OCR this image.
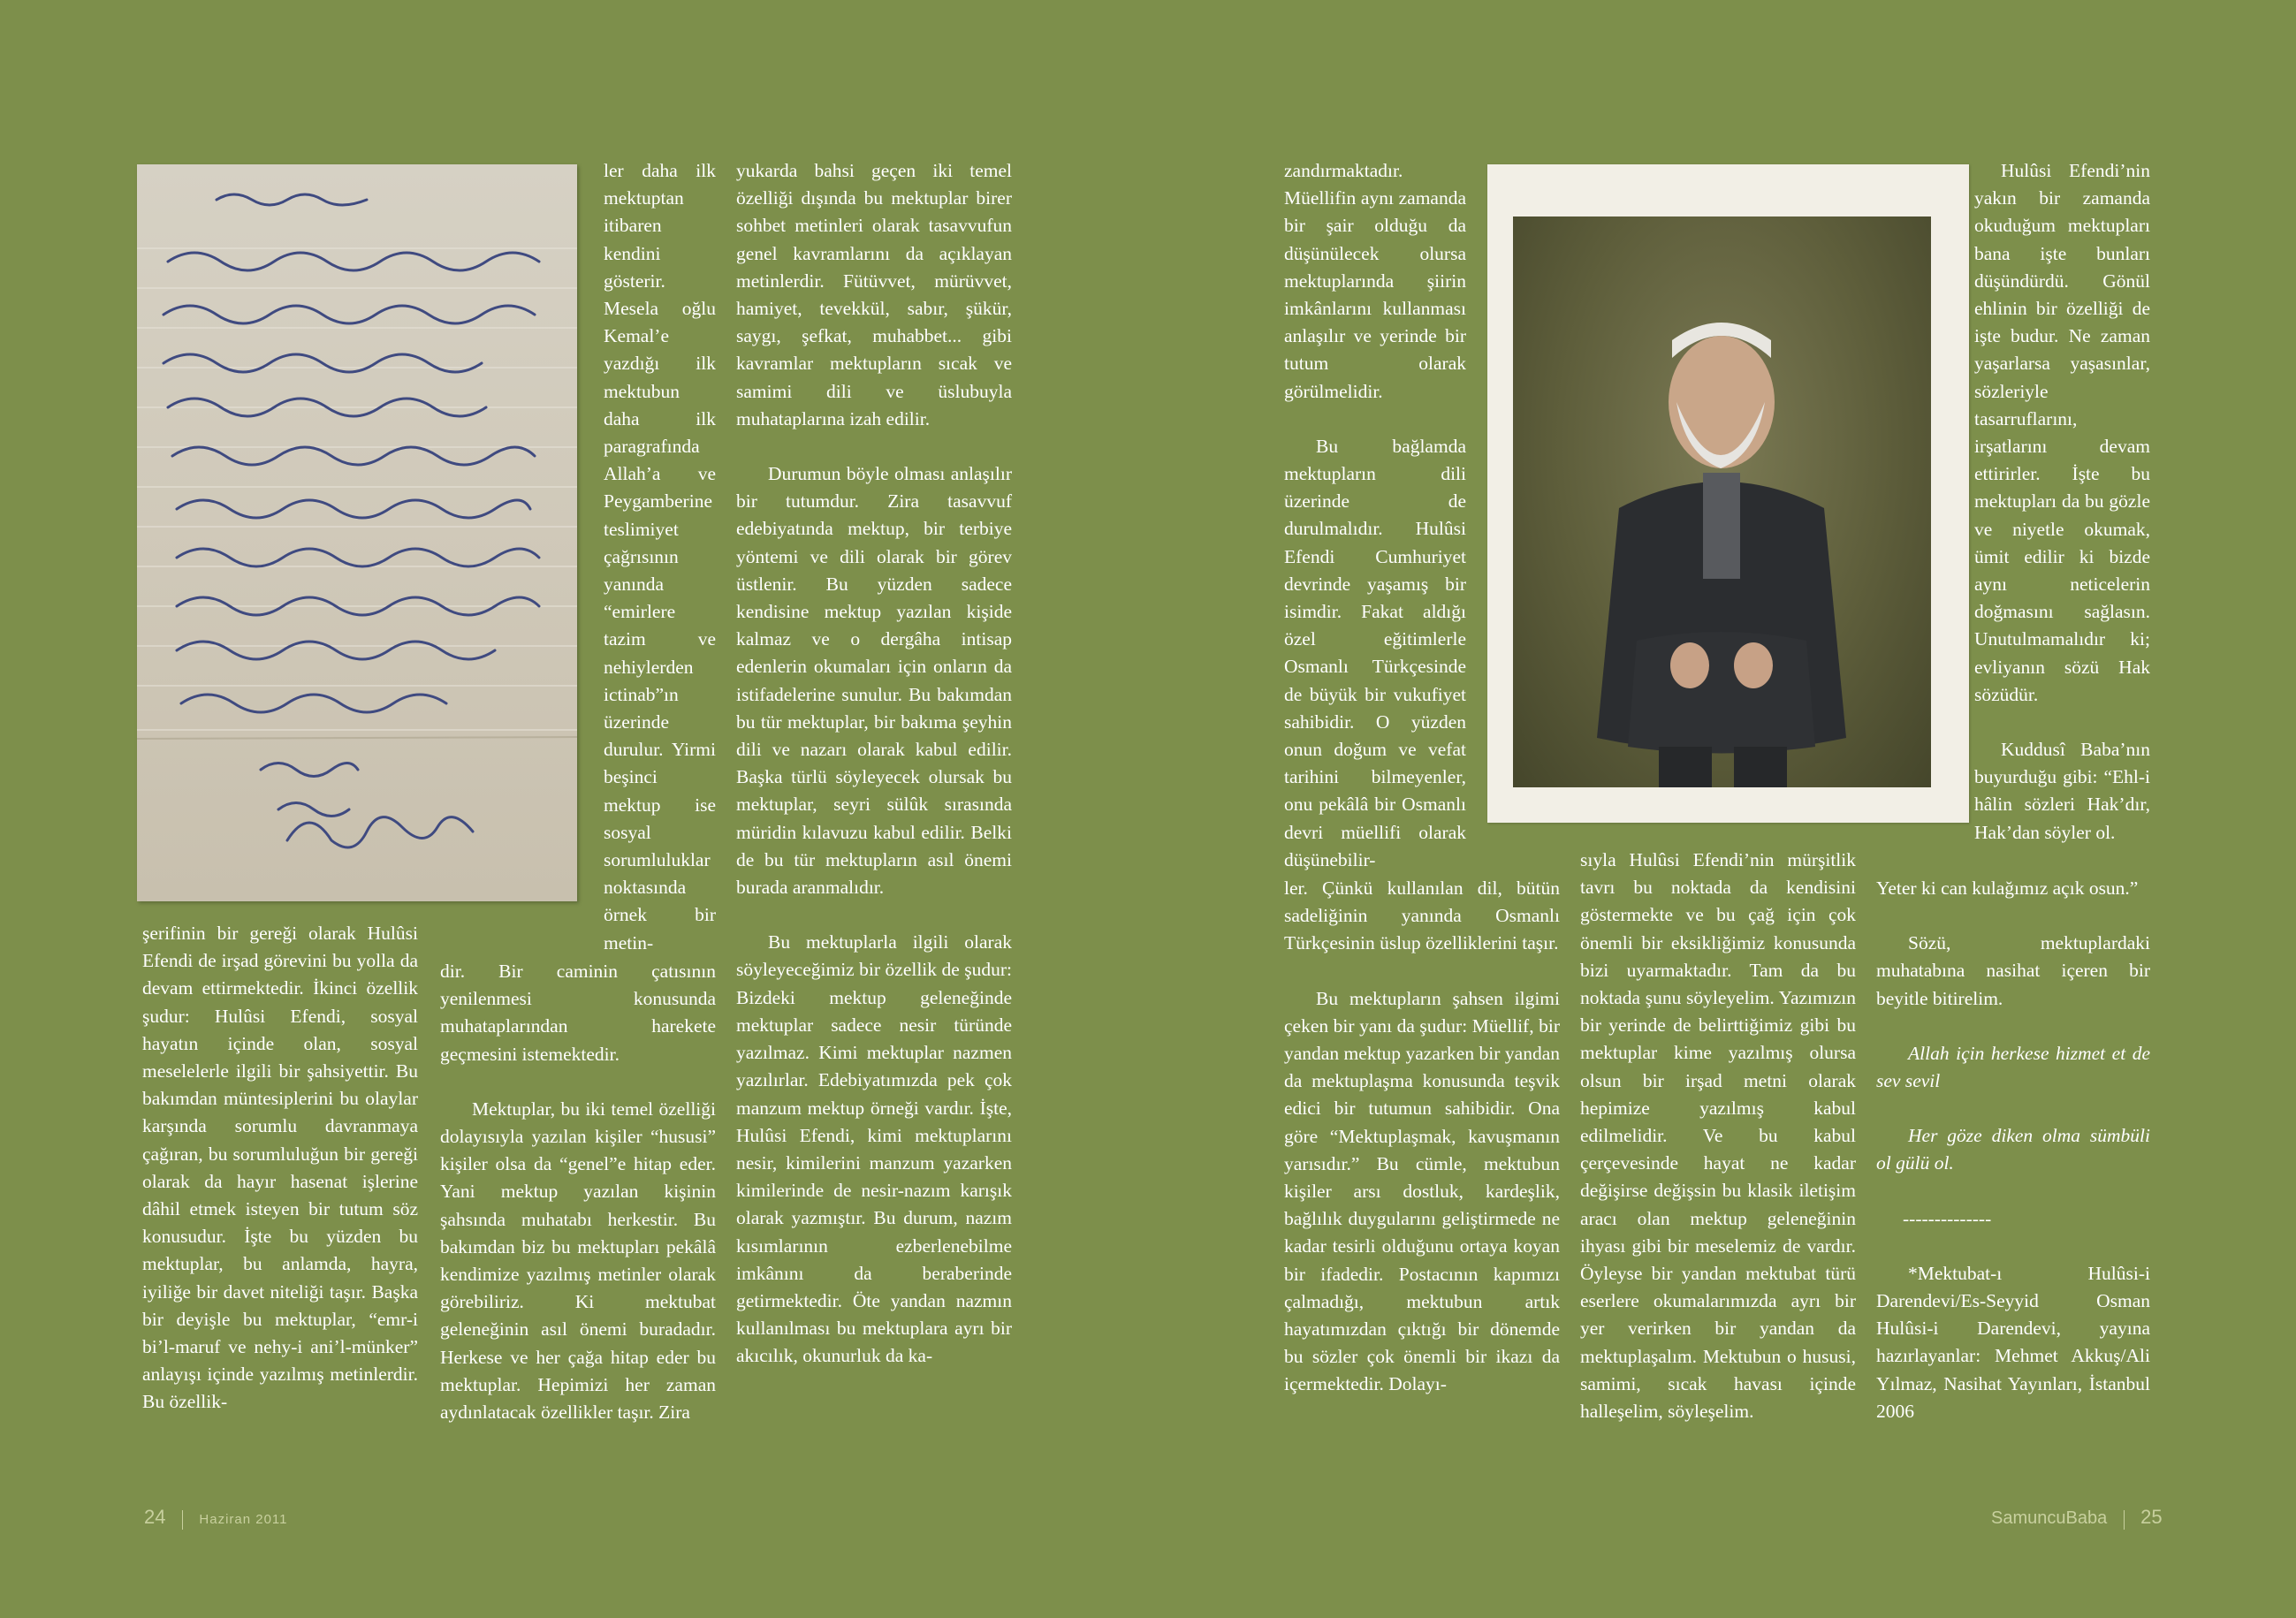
şerifinin bir gereği olarak Hulûsi Efendi de irşad görevini bu yolla da devam ettirmektedir. İkinci özellik şudur: Hulûsi Efendi, sosyal hayatın içinde olan, sosyal meselelerle ilgili bir şahsiyettir. Bu bakımdan müntesiplerini bu olaylar karşında sorumlu davranmaya çağıran, bu sorumluluğun bir gereği olarak da hayır hasenat işlerine dâhil etmek isteyen bir tutum söz konusudur. İşte bu yüzden bu mektuplar, bu anlamda, hayra, iyiliğe bir davet niteliği taşır. Başka bir deyişle bu mektuplar, “emr-i bi’l-maruf ve nehy-i ani’l-münker” anlayışı içinde yazılmış metinlerdir. Bu özellik-

ler daha ilk mektuptan itibaren kendini gösterir. Mesela oğlu Kemal’e yazdığı ilk mektubun daha ilk paragrafında Allah’a ve Peygamberine teslimiyet çağrısının yanında “emirlere tazim ve nehiylerden ictinab”ın üzerinde durulur. Yirmi beşinci mektup ise sosyal sorumluluklar noktasında örnek bir metin-

dir. Bir caminin çatısının yenilenmesi konusunda muhataplarından harekete geçmesini istemektedir.

Mektuplar, bu iki temel özelliği dolayısıyla yazılan kişiler “hususi” kişiler olsa da “genel”e hitap eder. Yani mektup yazılan kişinin şahsında muhatabı herkestir. Bu bakımdan biz bu mektupları pekâlâ kendimize yazılmış metinler olarak görebiliriz. Ki mektubat geleneğinin asıl önemi buradadır. Herkese ve her çağa hitap eder bu mektuplar. Hepimizi her zaman aydınlatacak özellikler taşır. Zira

yukarda bahsi geçen iki temel özelliği dışında bu mektuplar birer sohbet metinleri olarak tasavvufun genel kavramlarını da açıklayan metinlerdir. Fütüvvet, mürüvvet, hamiyet, tevekkül, sabır, şükür, saygı, şefkat, muhabbet... gibi kavramlar mektupların sıcak ve samimi dili ve üslubuyla muhataplarına izah edilir.

Durumun böyle olması anlaşılır bir tutumdur. Zira tasavvuf edebiyatında mektup, bir terbiye yöntemi ve dili olarak bir görev üstlenir. Bu yüzden sadece kendisine mektup yazılan kişide kalmaz ve o dergâha intisap edenlerin okumaları için onların da istifadelerine sunulur. Bu bakımdan bu tür mektuplar, bir bakıma şeyhin dili ve nazarı olarak kabul edilir. Başka türlü söyleyecek olursak bu mektuplar, seyri sülûk sırasında müridin kılavuzu kabul edilir. Belki de bu tür mektupların asıl önemi burada aranmalıdır.

Bu mektuplarla ilgili olarak söyleyeceğimiz bir özellik de şudur: Bizdeki mektup geleneğinde mektuplar sadece nesir türünde yazılmaz. Kimi mektuplar nazmen yazılırlar. Edebiyatımızda pek çok manzum mektup örneği vardır. İşte, Hulûsi Efendi, kimi mektuplarını nesir, kimilerini manzum yazarken kimilerinde de nesir-nazım karışık olarak yazmıştır. Bu durum, nazım kısımlarının ezberlenebilme imkânını da beraberinde getirmektedir. Öte yandan nazmın kullanılması bu mektuplara ayrı bir akıcılık, okunurluk da ka-

zandırmaktadır. Müellifin aynı zamanda bir şair olduğu da düşünülecek olursa mektuplarında şiirin imkânlarını kullanması anlaşılır ve yerinde bir tutum olarak görülmelidir.

Bu bağlamda mektupların dili üzerinde de durulmalıdır. Hulûsi Efendi Cumhuriyet devrinde yaşamış bir isimdir. Fakat aldığı özel eğitimlerle Osmanlı Türkçesinde de büyük bir vukufiyet sahibidir. O yüzden onun doğum ve vefat tarihini bilmeyenler, onu pekâlâ bir Osmanlı devri müellifi olarak düşünebilir-

ler. Çünkü kullanılan dil, bütün sadeliğinin yanında Osmanlı Türkçesinin üslup özelliklerini taşır.

Bu mektupların şahsen ilgimi çeken bir yanı da şudur: Müellif, bir yandan mektup yazarken bir yandan da mektuplaşma konusunda teşvik edici bir tutumun sahibidir. Ona göre “Mektuplaşmak, kavuşmanın yarısıdır.” Bu cümle, mektubun kişiler arsı dostluk, kardeşlik, bağlılık duygularını geliştirmede ne kadar tesirli olduğunu ortaya koyan bir ifadedir. Postacının kapımızı çalmadığı, mektubun artık hayatımızdan çıktığı bir dönemde bu sözler çok önemli bir ikazı da içermektedir. Dolayı-

sıyla Hulûsi Efendi’nin mürşitlik tavrı bu noktada da kendisini göstermekte ve bu çağ için çok önemli bir eksikliğimiz konusunda bizi uyarmaktadır. Tam da bu noktada şunu söyleyelim. Yazımızın bir yerinde de belirttiğimiz gibi bu mektuplar kime yazılmış olursa olsun bir irşad metni olarak hepimize yazılmış kabul edilmelidir. Ve bu kabul çerçevesinde hayat ne kadar değişirse değişsin bu klasik iletişim aracı olan mektup geleneğinin ihyası gibi bir meselemiz de vardır. Öyleyse bir yandan mektubat türü eserlere okumalarımızda ayrı bir yer verirken bir yandan da mektuplaşalım. Mektubun o hususi, samimi, sıcak havası içinde halleşelim, söyleşelim.

Hulûsi Efendi’nin yakın bir zamanda okuduğum mektupları bana işte bunları düşündürdü. Gönül ehlinin bir özelliği de işte budur. Ne zaman yaşarlarsa yaşasınlar, sözleriyle tasarruflarını, irşatlarını devam ettirirler. İşte bu mektupları da bu gözle ve niyetle okumak, ümit edilir ki bizde aynı neticelerin doğmasını sağlasın. Unutulmamalıdır ki; evliyanın sözü Hak sözüdür.

Kuddusî Baba’nın buyurduğu gibi: “Ehl-i hâlin sözleri Hak’dır, Hak’dan söyler ol.

Yeter ki can kulağımız açık osun.”

Sözü, mektuplardaki muhatabına nasihat içeren bir beyitle bitirelim.

Allah için herkese hizmet et de sev sevil

Her göze diken olma sümbüli ol gülü ol.

--------------

*Mektubat-ı Hulûsi-i Darendevi/Es-Seyyid Osman Hulûsi-i Darendevi, yayına hazırlayanlar: Mehmet Akkuş/Ali Yılmaz, Nasihat Yayınları, İstanbul 2006

24	Haziran 2011	SamuncuBaba 25
